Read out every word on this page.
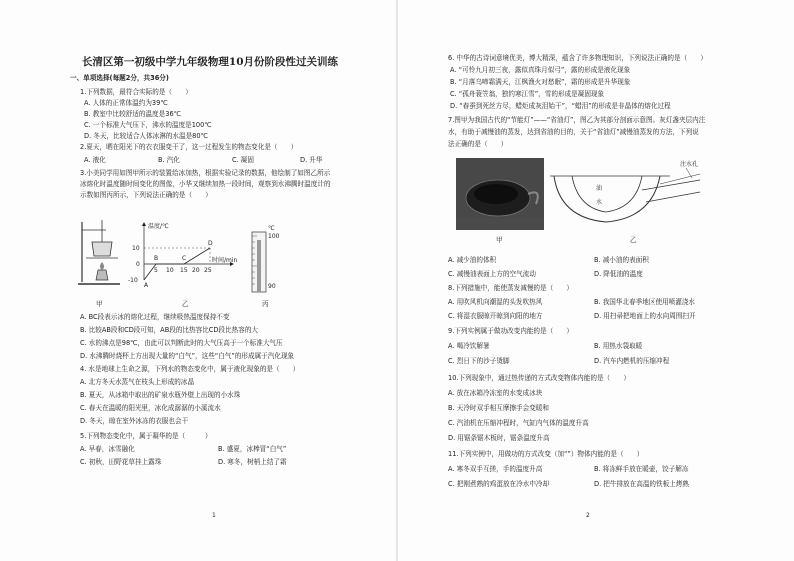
长清区第一初级中学九年级物理10月份阶段性过关训练
一、单项选择(每题2分，共36分)
1.下列数据，最符合实际的是（　　）
A. 人体的正常体温约为39℃
B. 教室中比较舒适的温度是36℃
C. 一个标准大气压下，沸水的温度是100℃
D. 冬天，比较适合人体冰淋的水温是80℃
2.夏天，晒在阳光下的衣衣服变干了，这一过程发生的物态变化是（　　）
A. 液化	B. 汽化	C. 凝固	D. 升华
3.小美同学用如图甲所示的装置给冰加热，根据实验记录的数据，他绘制了如图乙所示
冰熔化时温度随时间变化的图像，小华又继续加热一段时间，观察到水沸腾时温度计的
示数如图丙所示，下列说法正确的是（　　）
甲
温度/℃
10
0
-10
5 10 15 20 25
时间/min
A
B	C
D
乙
℃
100
90
丙
A. BC段表示冰的熔化过程，继续吸热温度保持不变
B. 比较AB段和CD段可知，AB段的比热容比CD段比热容的大
C. 水的沸点是98℃，由此可以判断此时的大气压高于一个标准大气压
D. 水沸腾时烧杯上方出现大量的“白气”，这些“白气”的形成属于汽化现象
4. 水是地球上生命之源，下列水的物态变化中，属于液化现象的是（　　）
A. 北方冬天水蒸气在枝头上形成的冰晶
B. 夏天，从冰箱中取出的矿泉水瓶外壁上出现的小水珠
C. 春天在温暖的阳光里，冰化成潺潺的小溪流水
D. 冬天，晾在室外冰冻的衣服也会干
5.下列物态变化中，属于凝华的是（　　　）
A. 早春，冰雪融化	B. 盛夏，冰棒冒“白气”
C. 初秋，田野花草挂上露珠	D. 寒冬，树梢上结了霜
1
6. 中华的古诗词意境优美，博大精深，蕴含了许多物理知识，下列说法正确的是（　　）
A. “可怜九月初三夜，露似真珠月似弓”，露的形成是液化现象
B. “月落乌啼霜满天，江枫渔火对愁眠”，霜的形成是升华现象
C. “孤舟蓑笠翁，独钓寒江雪”，雪的形成是凝固现象
D. “春蚕到死丝方尽，蜡炬成灰泪始干”，“蜡泪”的形成是非晶体的熔化过程
7.图甲为我国古代的“节能灯”——“省油灯”，图乙为其部分剖面示意图。灰灯盏夹层内注
水，有助于减慢油的蒸发，达到省油的目的，关于“省油灯”减慢油蒸发的方法，下列说
法正确的是（　　）
甲
注水孔
油
水
乙
A. 减少油的体积	B. 减小油的表面积
C. 减慢油表面上方的空气流动	D. 降低油的温度
8.下列措施中，能使蒸发减慢的是（　　）
A. 用吹风机向潮湿的头发吹热风	B. 我国华北春季地区使用喷灌浇水
C. 将湿衣服晾开晾到向阳的地方	D. 用扫帚把地面上的水向周围扫开
9.下列实例属于做功改变内能的是（　　）
A. 喝冷饮解暑	B. 用热水袋取暖
C. 烈日下的沙子烫脚	D. 汽车内燃机的压缩冲程
10.下列现象中，通过热传递的方式改变物体内能的是（　　）
A. 放在冰箱冷冻室的水变成冰块
B. 天冷时双手相互摩擦手会变暖和
C. 汽油机在压缩冲程时，气缸内气体的温度升高
D. 用锯条锯木板时，锯条温度升高
11.下列实例中，用做功的方式改变（加“”）物体内能的是（　　）
A. 寒冬双手互搓，手的温度升高	B. 将冻鲜手放在暖壶，饺子解冻
C. 把刚煮熟的鸡蛋放在冷水中冷却	D. 把牛排放在高温的铁板上烤熟
2
